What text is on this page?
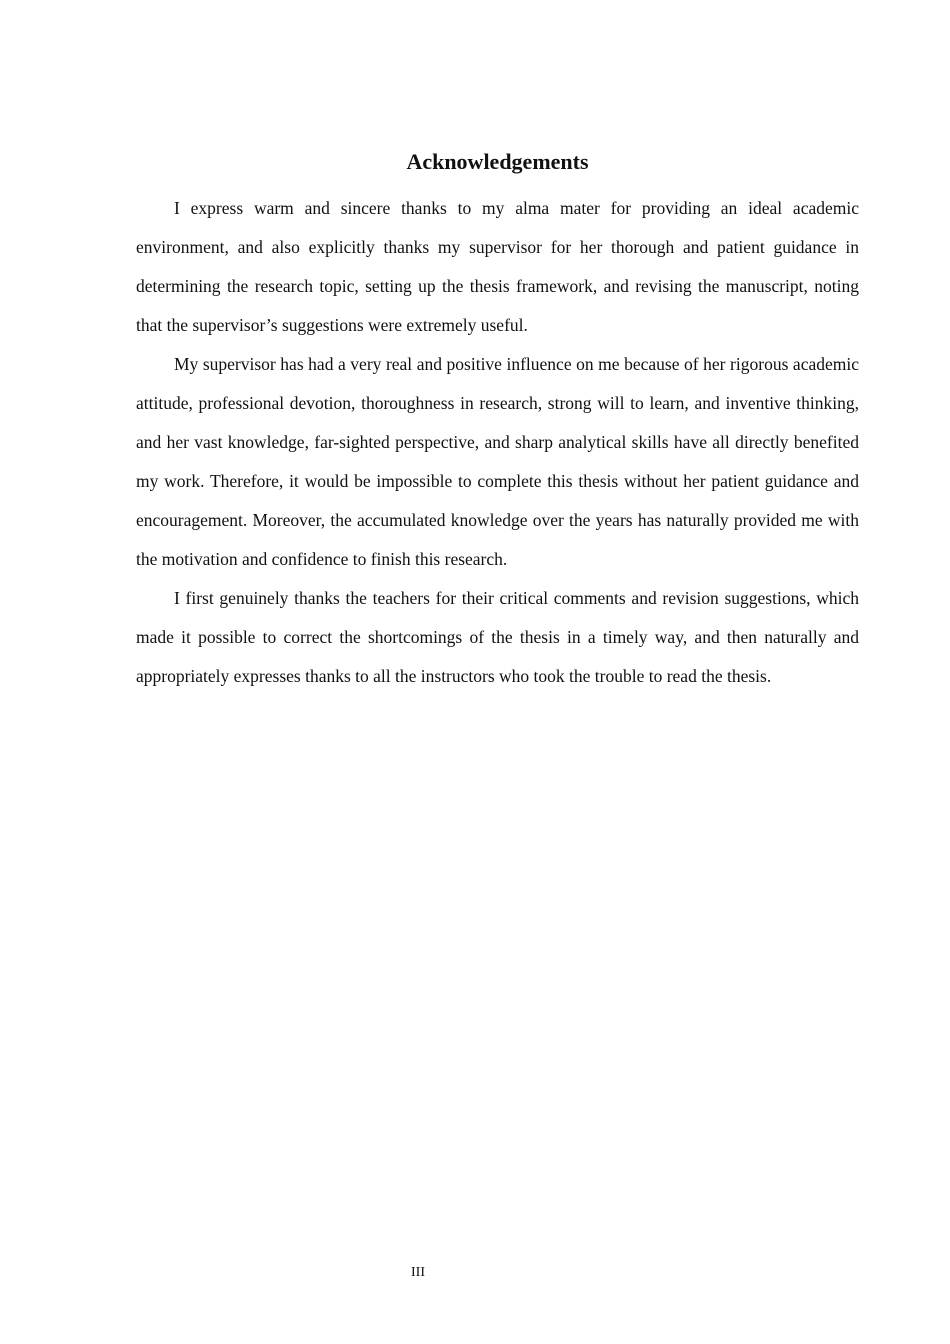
Acknowledgements

I express warm and sincere thanks to my alma mater for providing an ideal academic environment, and also explicitly thanks my supervisor for her thorough and patient guidance in determining the research topic, setting up the thesis framework, and revising the manuscript, noting that the supervisor’s suggestions were extremely useful.

My supervisor has had a very real and positive influence on me because of her rigorous academic attitude, professional devotion, thoroughness in research, strong will to learn, and inventive thinking, and her vast knowledge, far-sighted perspective, and sharp analytical skills have all directly benefited my work. Therefore, it would be impossible to complete this thesis without her patient guidance and encouragement. Moreover, the accumulated knowledge over the years has naturally provided me with the motivation and confidence to finish this research.

I first genuinely thanks the teachers for their critical comments and revision suggestions, which made it possible to correct the shortcomings of the thesis in a timely way, and then naturally and appropriately expresses thanks to all the instructors who took the trouble to read the thesis.

III
